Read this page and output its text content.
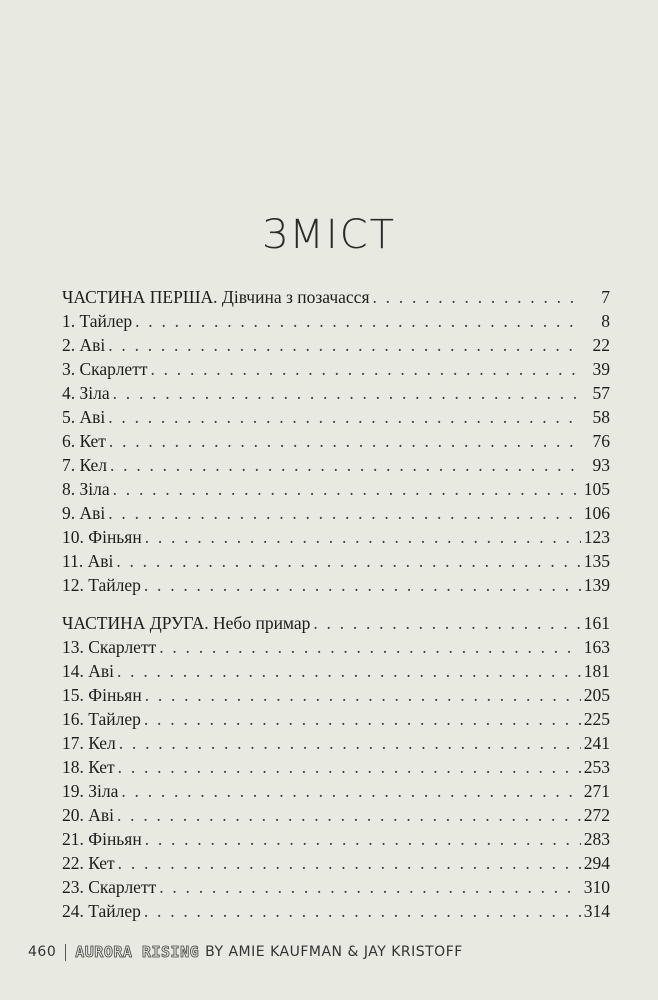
ЗМІСТ
ЧАСТИНА ПЕРША. Дівчина з позачасся . . .	7
1. Тайлер . . .	8
2. Аві . . .	22
3. Скарлетт . . .	39
4. Зіла . . .	57
5. Аві . . .	58
6. Кет . . .	76
7. Кел . . .	93
8. Зіла . . .	105
9. Аві . . .	106
10. Фіньян . . .	123
11. Аві . . .	135
12. Тайлер . . .	139
ЧАСТИНА ДРУГА. Небо примар . . .	161
13. Скарлетт . . .	163
14. Аві . . .	181
15. Фіньян . . .	205
16. Тайлер . . .	225
17. Кел . . .	241
18. Кет . . .	253
19. Зіла . . .	271
20. Аві . . .	272
21. Фіньян . . .	283
22. Кет . . .	294
23. Скарлетт . . .	310
24. Тайлер . . .	314
460 AURORA RISING BY AMIE KAUFMAN & JAY KRISTOFF
